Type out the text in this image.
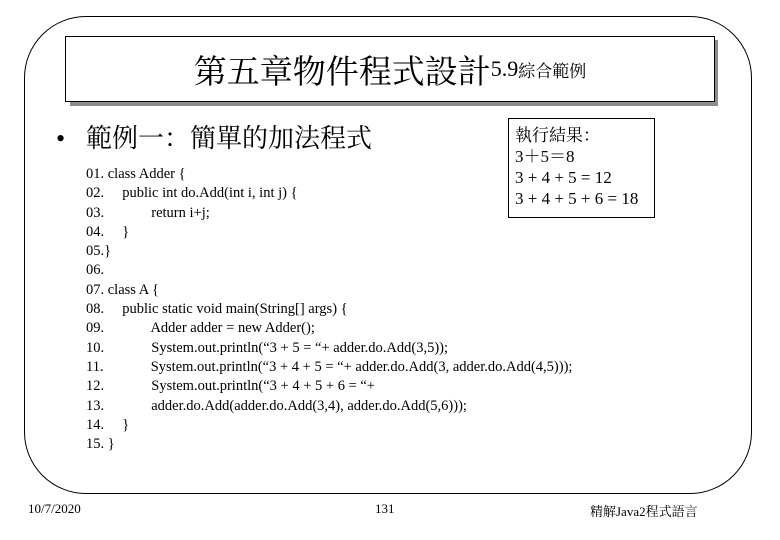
第五章物件程式設計 5.9 綜合範例
• 範例一：簡單的加法程式	執行結果：
3＋5＝8
3 + 4 + 5 = 12
3 + 4 + 5 + 6 = 18
01. class Adder {
02.     public int do.Add(int i, int j) {
03.             return i+j;
04.     }
05.}
06.
07. class A {
08.     public static void main(String[] args) {
09.             Adder adder = new Adder();
10.             System.out.println(“3 + 5 = “+ adder.do.Add(3,5));
11.             System.out.println(“3 + 4 + 5 = “+ adder.do.Add(3, adder.do.Add(4,5)));
12.             System.out.println(“3 + 4 + 5 + 6 = “+
13.             adder.do.Add(adder.do.Add(3,4), adder.do.Add(5,6)));
14.     }
15. }
10/7/2020	131	精解Java2程式語言
